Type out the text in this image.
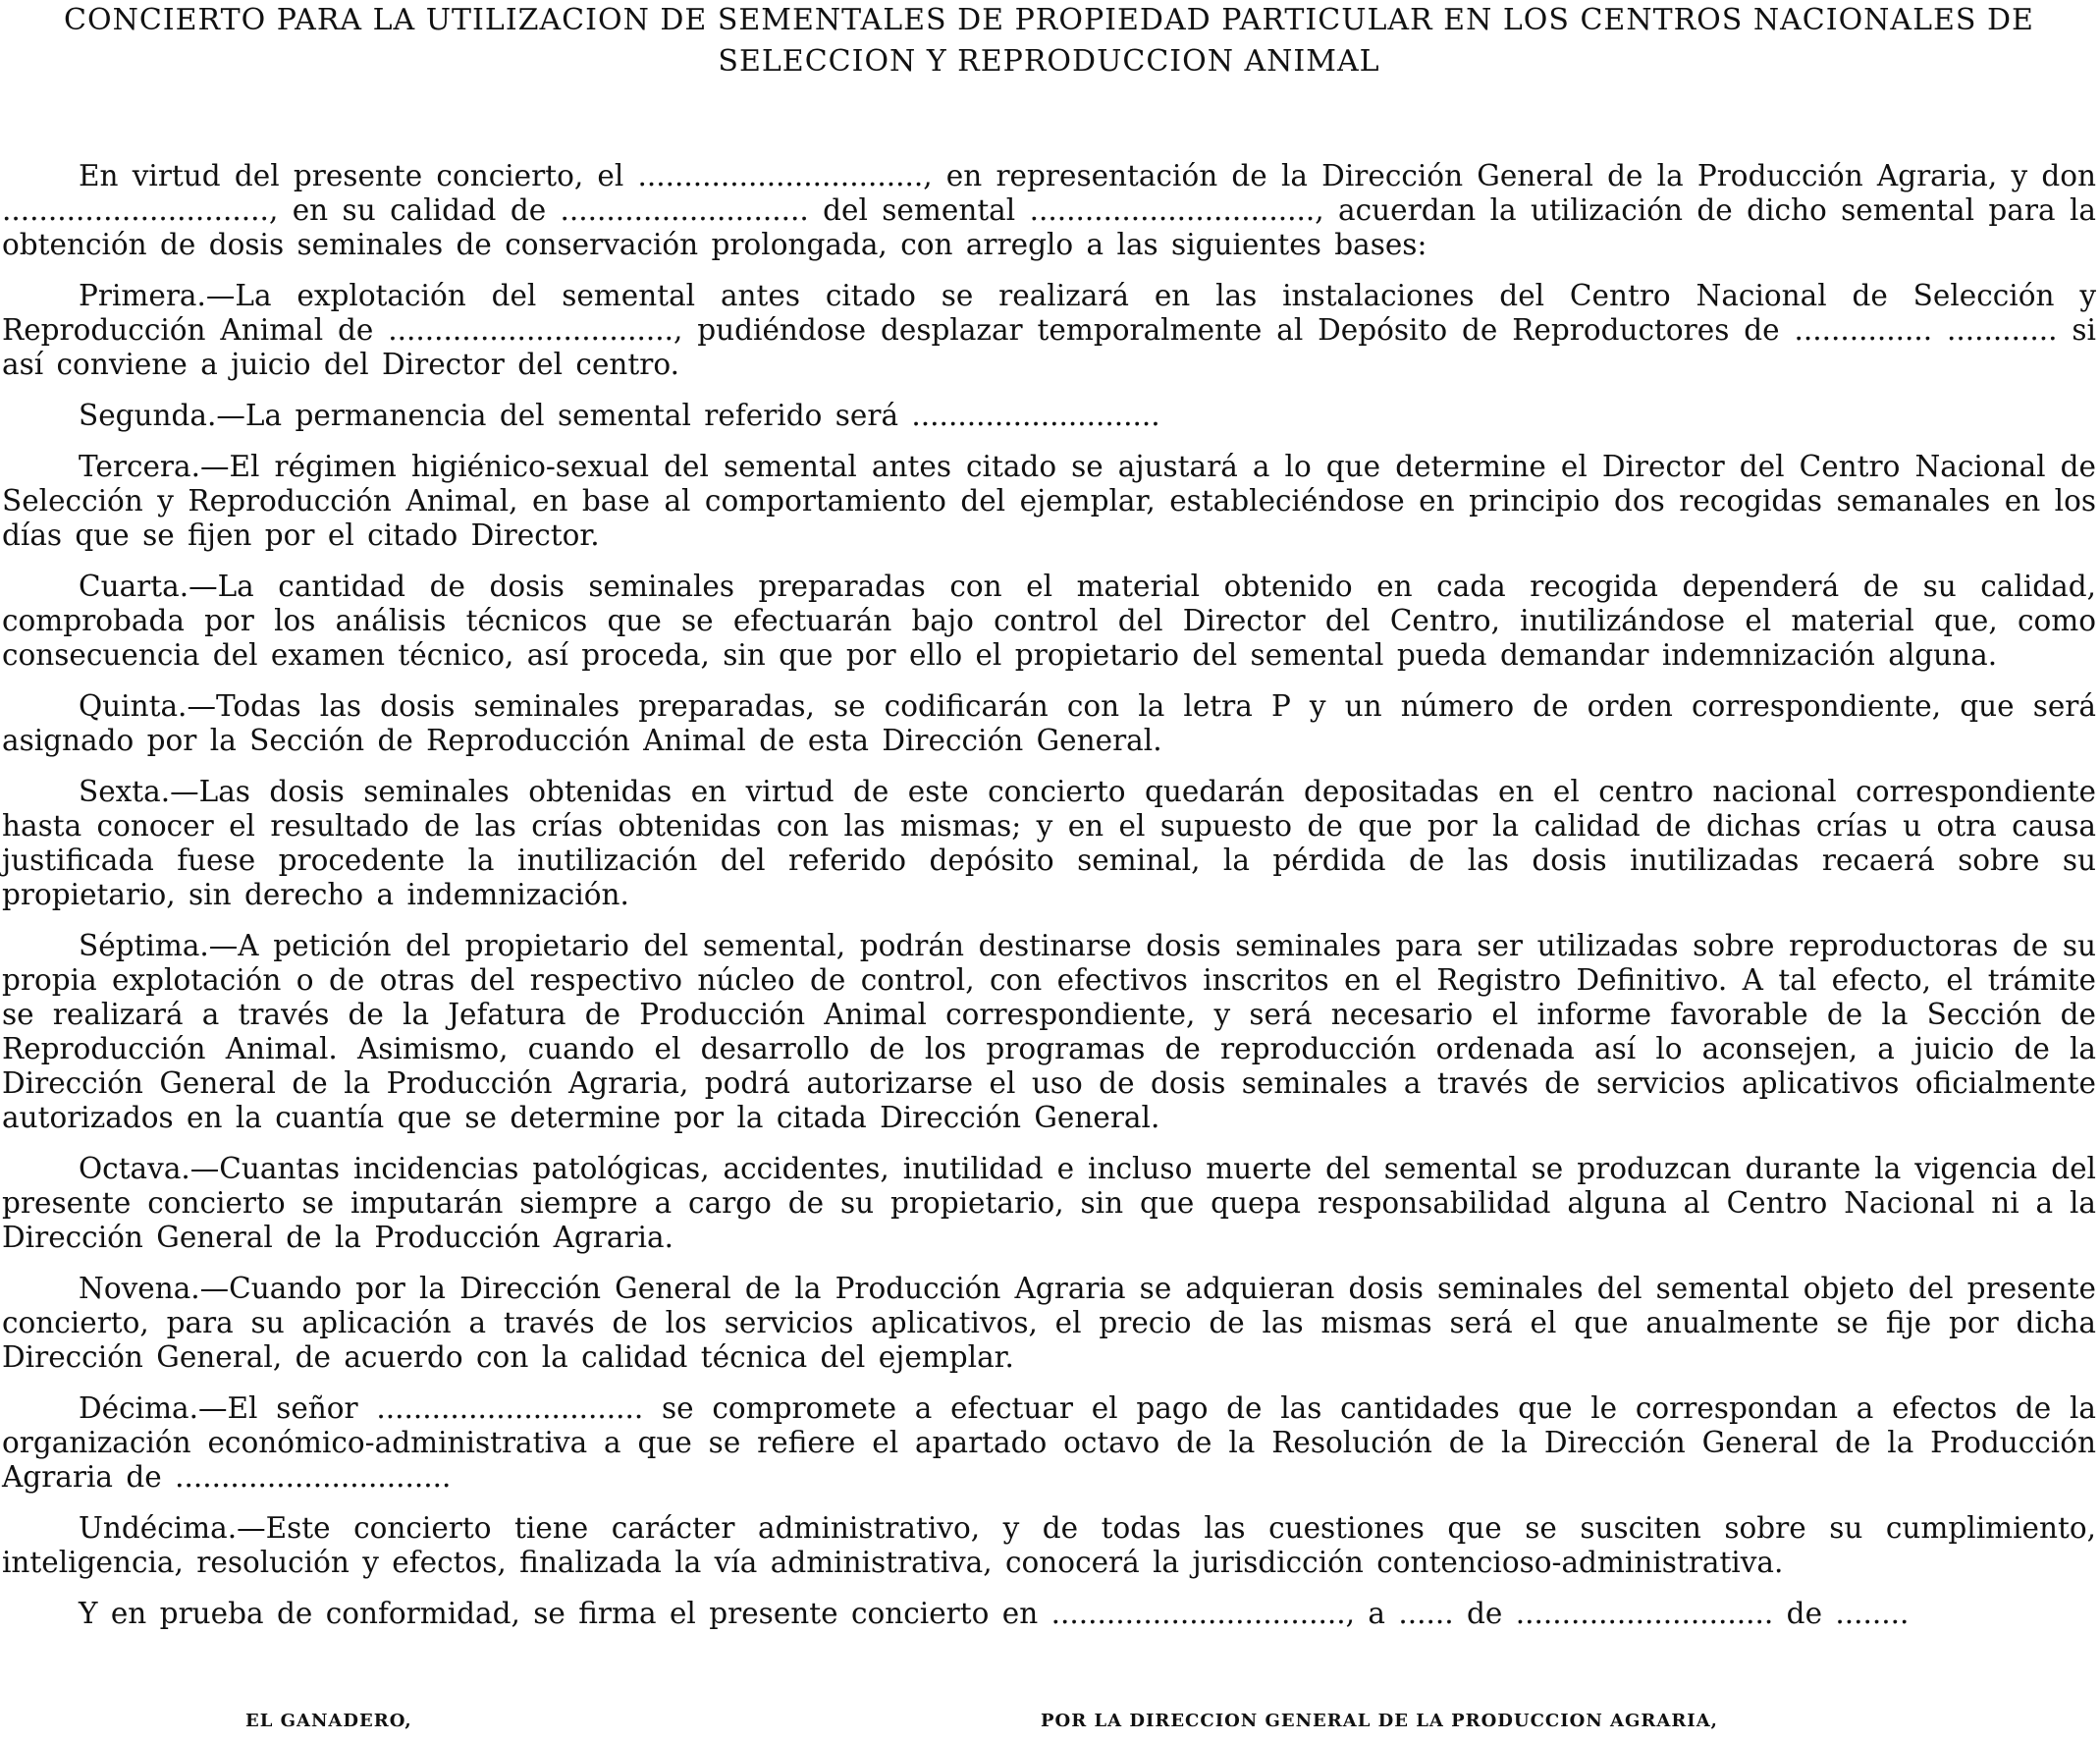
CONCIERTO PARA LA UTILIZACION DE SEMENTALES DE PROPIEDAD PARTICULAR EN LOS CENTROS NACIONALES DE
SELECCION Y REPRODUCCION ANIMAL

En virtud del presente concierto, el ..............................., en representación de la Dirección General de la Producción Agraria, y don ............................., en su calidad de ........................... del semental ..............................., acuerdan la utilización de dicho semental para la obtención de dosis seminales de conservación prolongada, con arreglo a las siguientes bases:

Primera.—La explotación del semental antes citado se realizará en las instalaciones del Centro Nacional de Selección y Reproducción Animal de ..............................., pudiéndose desplazar temporalmente al Depósito de Reproductores de ............... ............ si así conviene a juicio del Director del centro.

Segunda.—La permanencia del semental referido será ...........................

Tercera.—El régimen higiénico-sexual del semental antes citado se ajustará a lo que determine el Director del Centro Nacional de Selección y Reproducción Animal, en base al comportamiento del ejemplar, estableciéndose en principio dos recogidas semanales en los días que se fijen por el citado Director.

Cuarta.—La cantidad de dosis seminales preparadas con el material obtenido en cada recogida dependerá de su calidad, comprobada por los análisis técnicos que se efectuarán bajo control del Director del Centro, inutilizándose el material que, como consecuencia del examen técnico, así proceda, sin que por ello el propietario del semental pueda demandar indemnización alguna.

Quinta.—Todas las dosis seminales preparadas, se codificarán con la letra P y un número de orden correspondiente, que será asignado por la Sección de Reproducción Animal de esta Dirección General.

Sexta.—Las dosis seminales obtenidas en virtud de este concierto quedarán depositadas en el centro nacional correspondiente hasta conocer el resultado de las crías obtenidas con las mismas; y en el supuesto de que por la calidad de dichas crías u otra causa justificada fuese procedente la inutilización del referido depósito seminal, la pérdida de las dosis inutilizadas recaerá sobre su propietario, sin derecho a indemnización.

Séptima.—A petición del propietario del semental, podrán destinarse dosis seminales para ser utilizadas sobre reproductoras de su propia explotación o de otras del respectivo núcleo de control, con efectivos inscritos en el Registro Definitivo. A tal efecto, el trámite se realizará a través de la Jefatura de Producción Animal correspondiente, y será necesario el informe favorable de la Sección de Reproducción Animal. Asimismo, cuando el desarrollo de los programas de reproducción ordenada así lo aconsejen, a juicio de la Dirección General de la Producción Agraria, podrá autorizarse el uso de dosis seminales a través de servicios aplicativos oficialmente autorizados en la cuantía que se determine por la citada Dirección General.

Octava.—Cuantas incidencias patológicas, accidentes, inutilidad e incluso muerte del semental se produzcan durante la vigencia del presente concierto se imputarán siempre a cargo de su propietario, sin que quepa responsabilidad alguna al Centro Nacional ni a la Dirección General de la Producción Agraria.

Novena.—Cuando por la Dirección General de la Producción Agraria se adquieran dosis seminales del semental objeto del presente concierto, para su aplicación a través de los servicios aplicativos, el precio de las mismas será el que anualmente se fije por dicha Dirección General, de acuerdo con la calidad técnica del ejemplar.

Décima.—El señor ............................. se compromete a efectuar el pago de las cantidades que le correspondan a efectos de la organización económico-administrativa a que se refiere el apartado octavo de la Resolución de la Dirección General de la Producción Agraria de ..............................

Undécima.—Este concierto tiene carácter administrativo, y de todas las cuestiones que se susciten sobre su cumplimiento, inteligencia, resolución y efectos, finalizada la vía administrativa, conocerá la jurisdicción contencioso-administrativa.

Y en prueba de conformidad, se firma el presente concierto en ................................, a ...... de ............................ de ........

EL GANADERO,	POR LA DIRECCION GENERAL DE LA PRODUCCION AGRARIA,
